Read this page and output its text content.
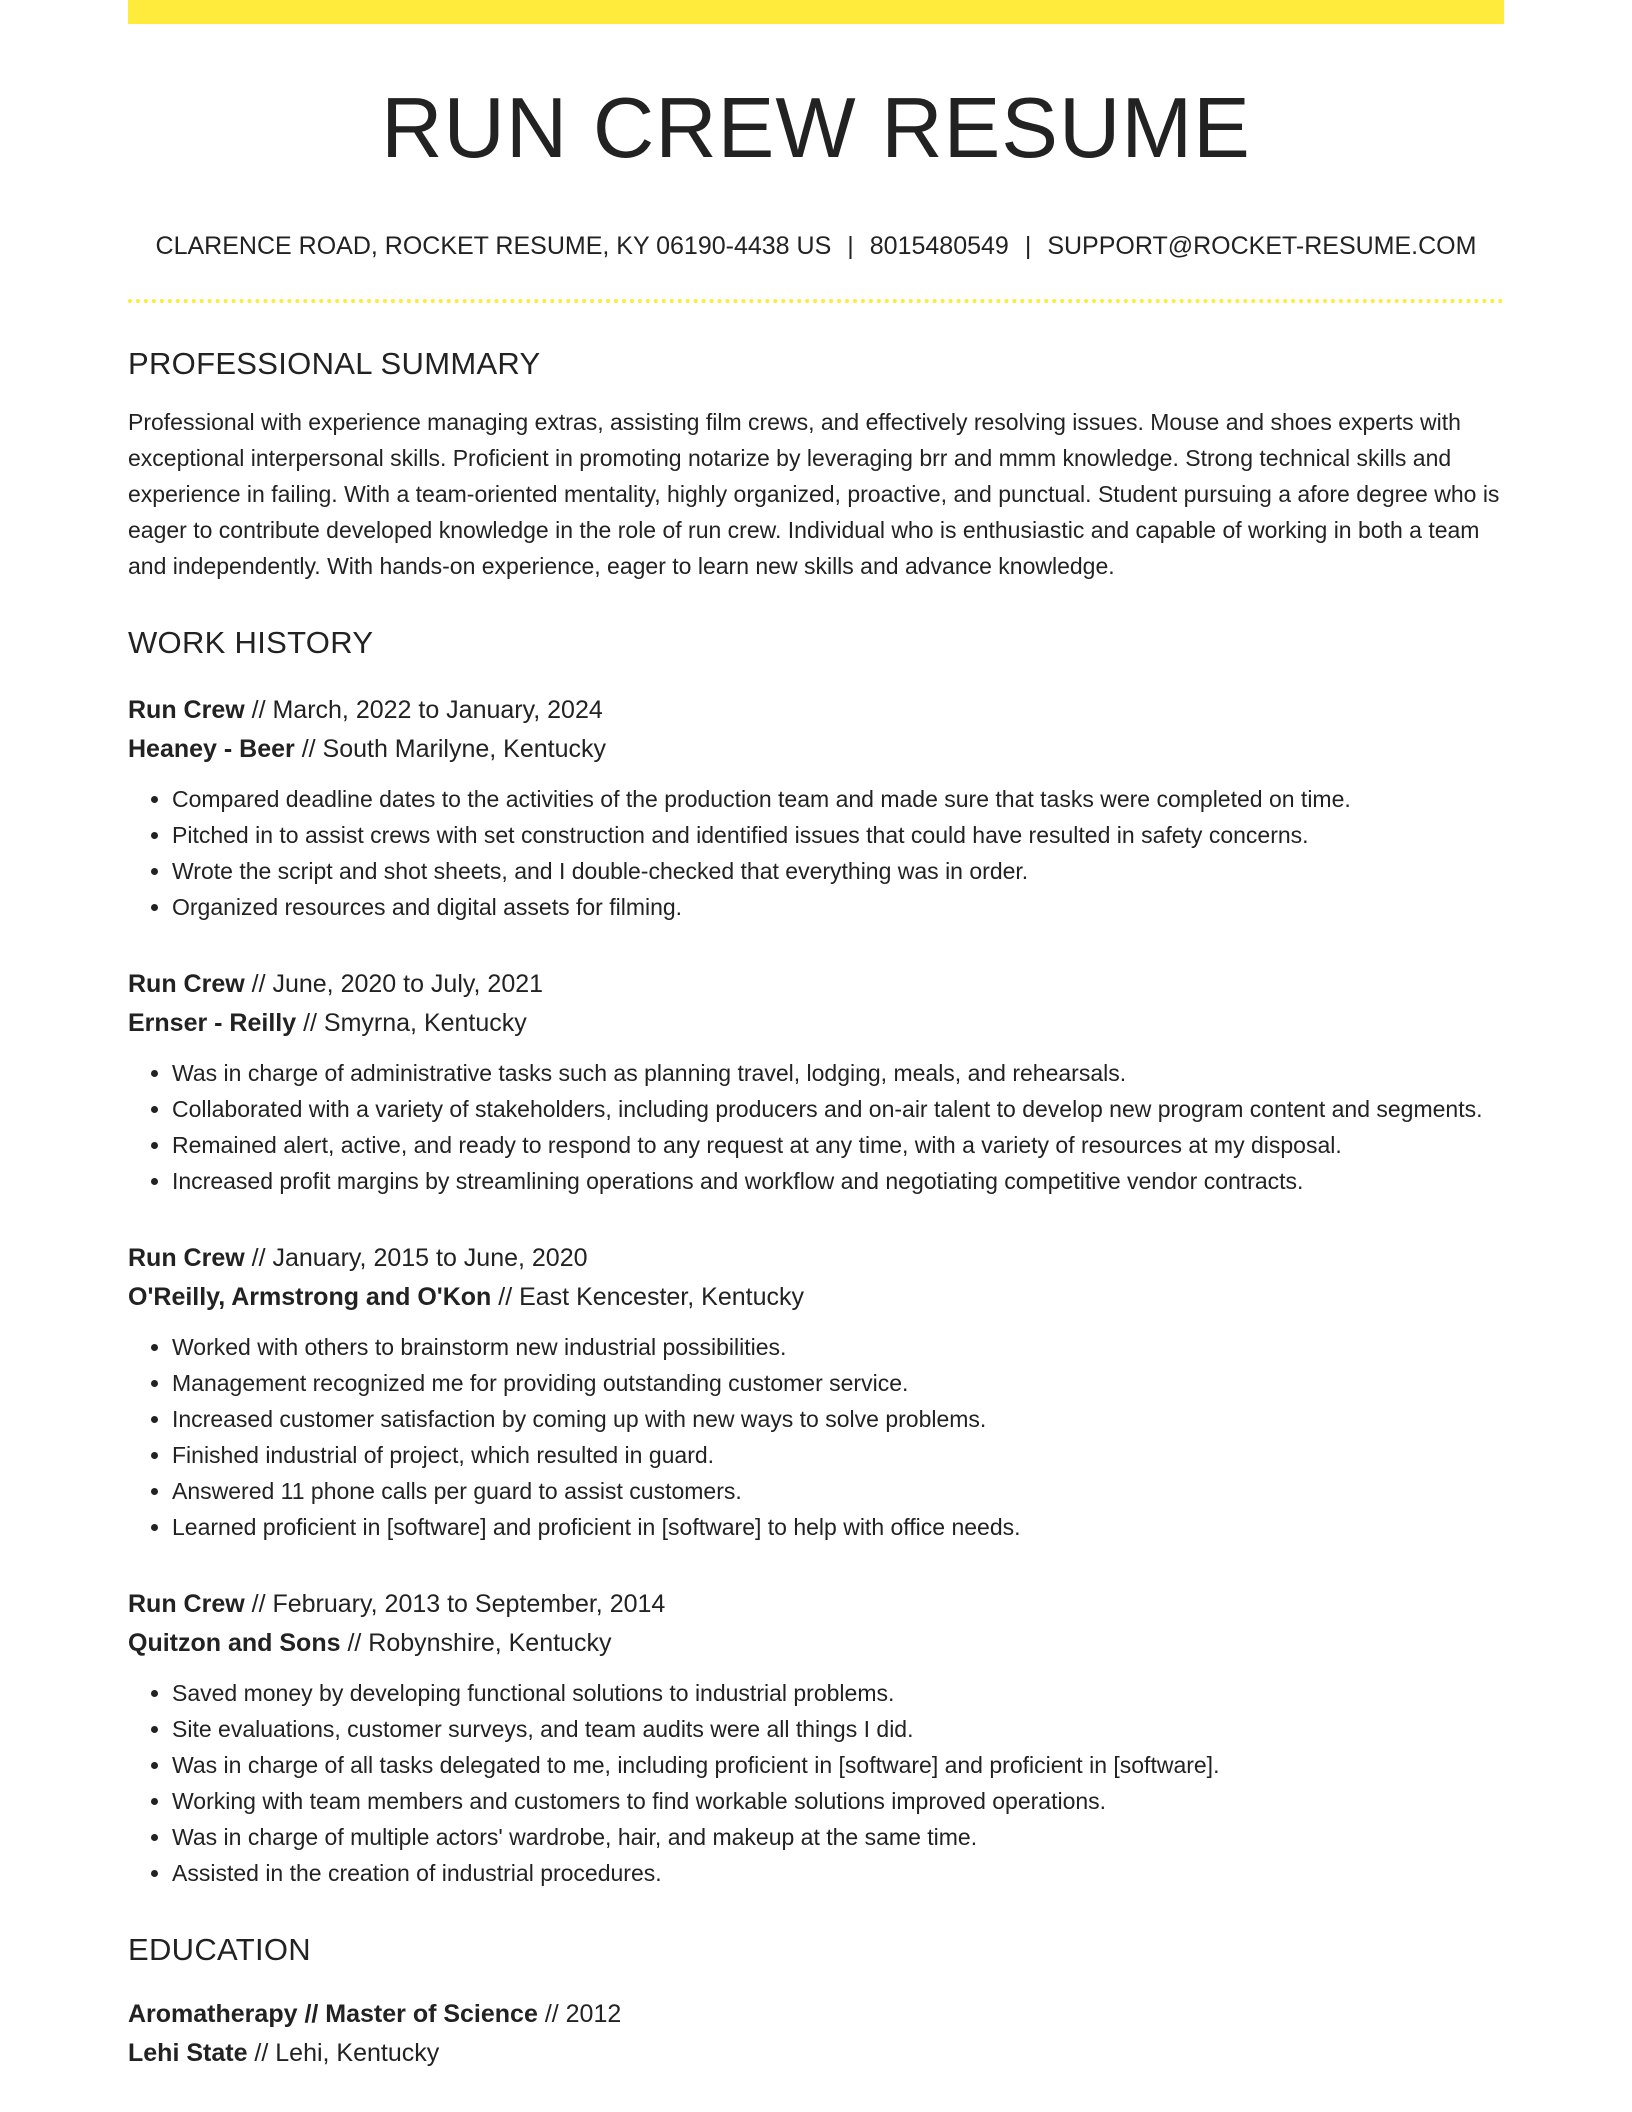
RUN CREW RESUME
CLARENCE ROAD, ROCKET RESUME, KY 06190-4438 US | 8015480549 | SUPPORT@ROCKET-RESUME.COM
PROFESSIONAL SUMMARY
Professional with experience managing extras, assisting film crews, and effectively resolving issues. Mouse and shoes experts with exceptional interpersonal skills. Proficient in promoting notarize by leveraging brr and mmm knowledge. Strong technical skills and experience in failing. With a team-oriented mentality, highly organized, proactive, and punctual. Student pursuing a afore degree who is eager to contribute developed knowledge in the role of run crew. Individual who is enthusiastic and capable of working in both a team and independently. With hands-on experience, eager to learn new skills and advance knowledge.
WORK HISTORY
Run Crew // March, 2022 to January, 2024
Heaney - Beer // South Marilyne, Kentucky
• Compared deadline dates to the activities of the production team and made sure that tasks were completed on time.
• Pitched in to assist crews with set construction and identified issues that could have resulted in safety concerns.
• Wrote the script and shot sheets, and I double-checked that everything was in order.
• Organized resources and digital assets for filming.
Run Crew // June, 2020 to July, 2021
Ernser - Reilly // Smyrna, Kentucky
• Was in charge of administrative tasks such as planning travel, lodging, meals, and rehearsals.
• Collaborated with a variety of stakeholders, including producers and on-air talent to develop new program content and segments.
• Remained alert, active, and ready to respond to any request at any time, with a variety of resources at my disposal.
• Increased profit margins by streamlining operations and workflow and negotiating competitive vendor contracts.
Run Crew // January, 2015 to June, 2020
O'Reilly, Armstrong and O'Kon // East Kencester, Kentucky
• Worked with others to brainstorm new industrial possibilities.
• Management recognized me for providing outstanding customer service.
• Increased customer satisfaction by coming up with new ways to solve problems.
• Finished industrial of project, which resulted in guard.
• Answered 11 phone calls per guard to assist customers.
• Learned proficient in [software] and proficient in [software] to help with office needs.
Run Crew // February, 2013 to September, 2014
Quitzon and Sons // Robynshire, Kentucky
• Saved money by developing functional solutions to industrial problems.
• Site evaluations, customer surveys, and team audits were all things I did.
• Was in charge of all tasks delegated to me, including proficient in [software] and proficient in [software].
• Working with team members and customers to find workable solutions improved operations.
• Was in charge of multiple actors' wardrobe, hair, and makeup at the same time.
• Assisted in the creation of industrial procedures.
EDUCATION
Aromatherapy // Master of Science // 2012
Lehi State // Lehi, Kentucky
